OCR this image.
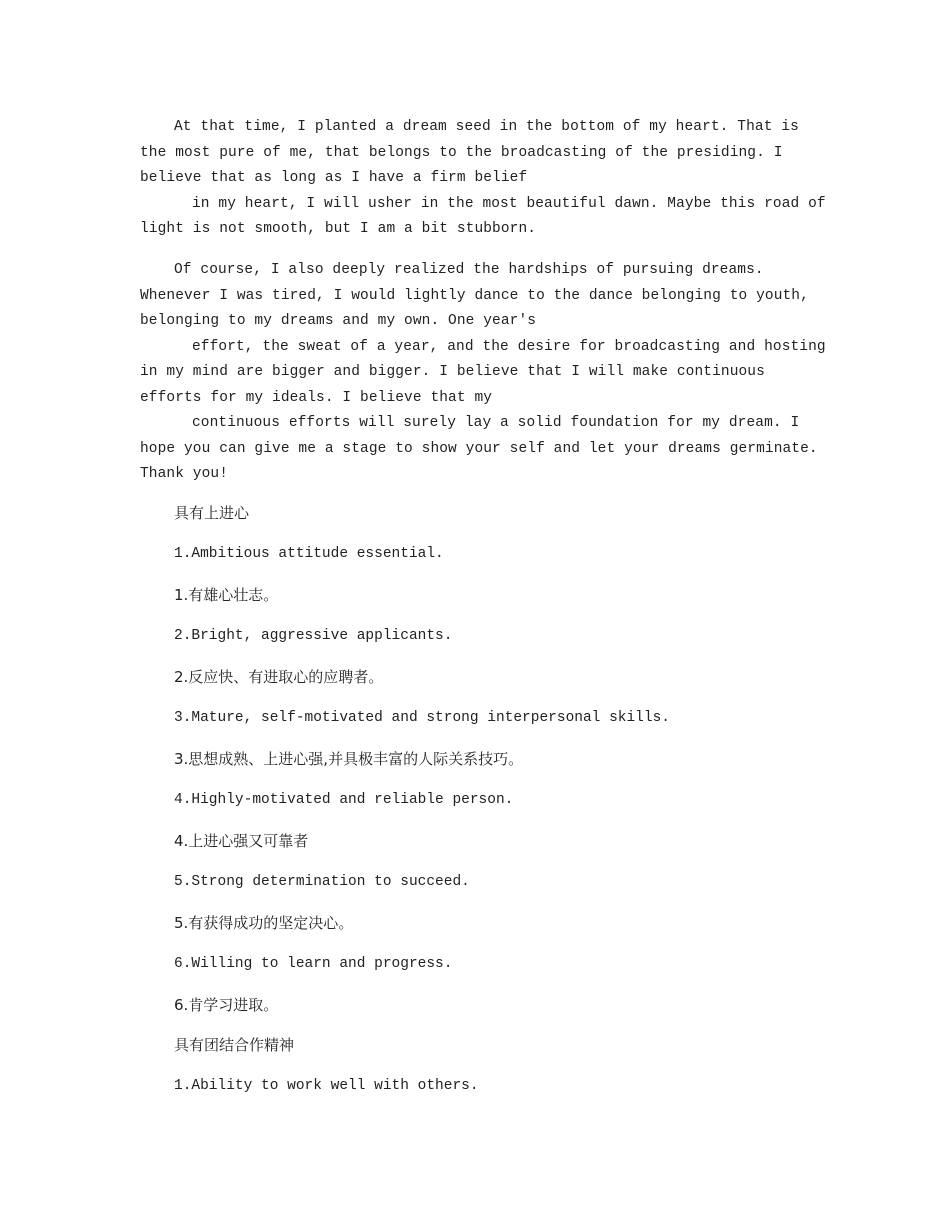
At that time, I planted a dream seed in the bottom of my heart. That is
the most pure of me, that belongs to the broadcasting of the presiding. I
believe that as long as I have a firm belief
in my heart, I will usher in the most beautiful dawn. Maybe this road of
light is not smooth, but I am a bit stubborn.
Of course, I also deeply realized the hardships of pursuing dreams.
Whenever I was tired, I would lightly dance to the dance belonging to youth,
belonging to my dreams and my own. One year's
effort, the sweat of a year, and the desire for broadcasting and hosting
in my mind are bigger and bigger. I believe that I will make continuous
efforts for my ideals. I believe that my
continuous efforts will surely lay a solid foundation for my dream. I
hope you can give me a stage to show your self and let your dreams germinate.
Thank you!
具有上进心
1.Ambitious attitude essential.
1.有雄心壮志。
2.Bright, aggressive applicants.
2.反应快、有进取心的应聘者。
3.Mature, self-motivated and strong interpersonal skills.
3.思想成熟、上进心强,并具极丰富的人际关系技巧。
4.Highly-motivated and reliable person.
4.上进心强又可靠者
5.Strong determination to succeed.
5.有获得成功的坚定决心。
6.Willing to learn and progress.
6.肯学习进取。
具有团结合作精神
1.Ability to work well with others.
